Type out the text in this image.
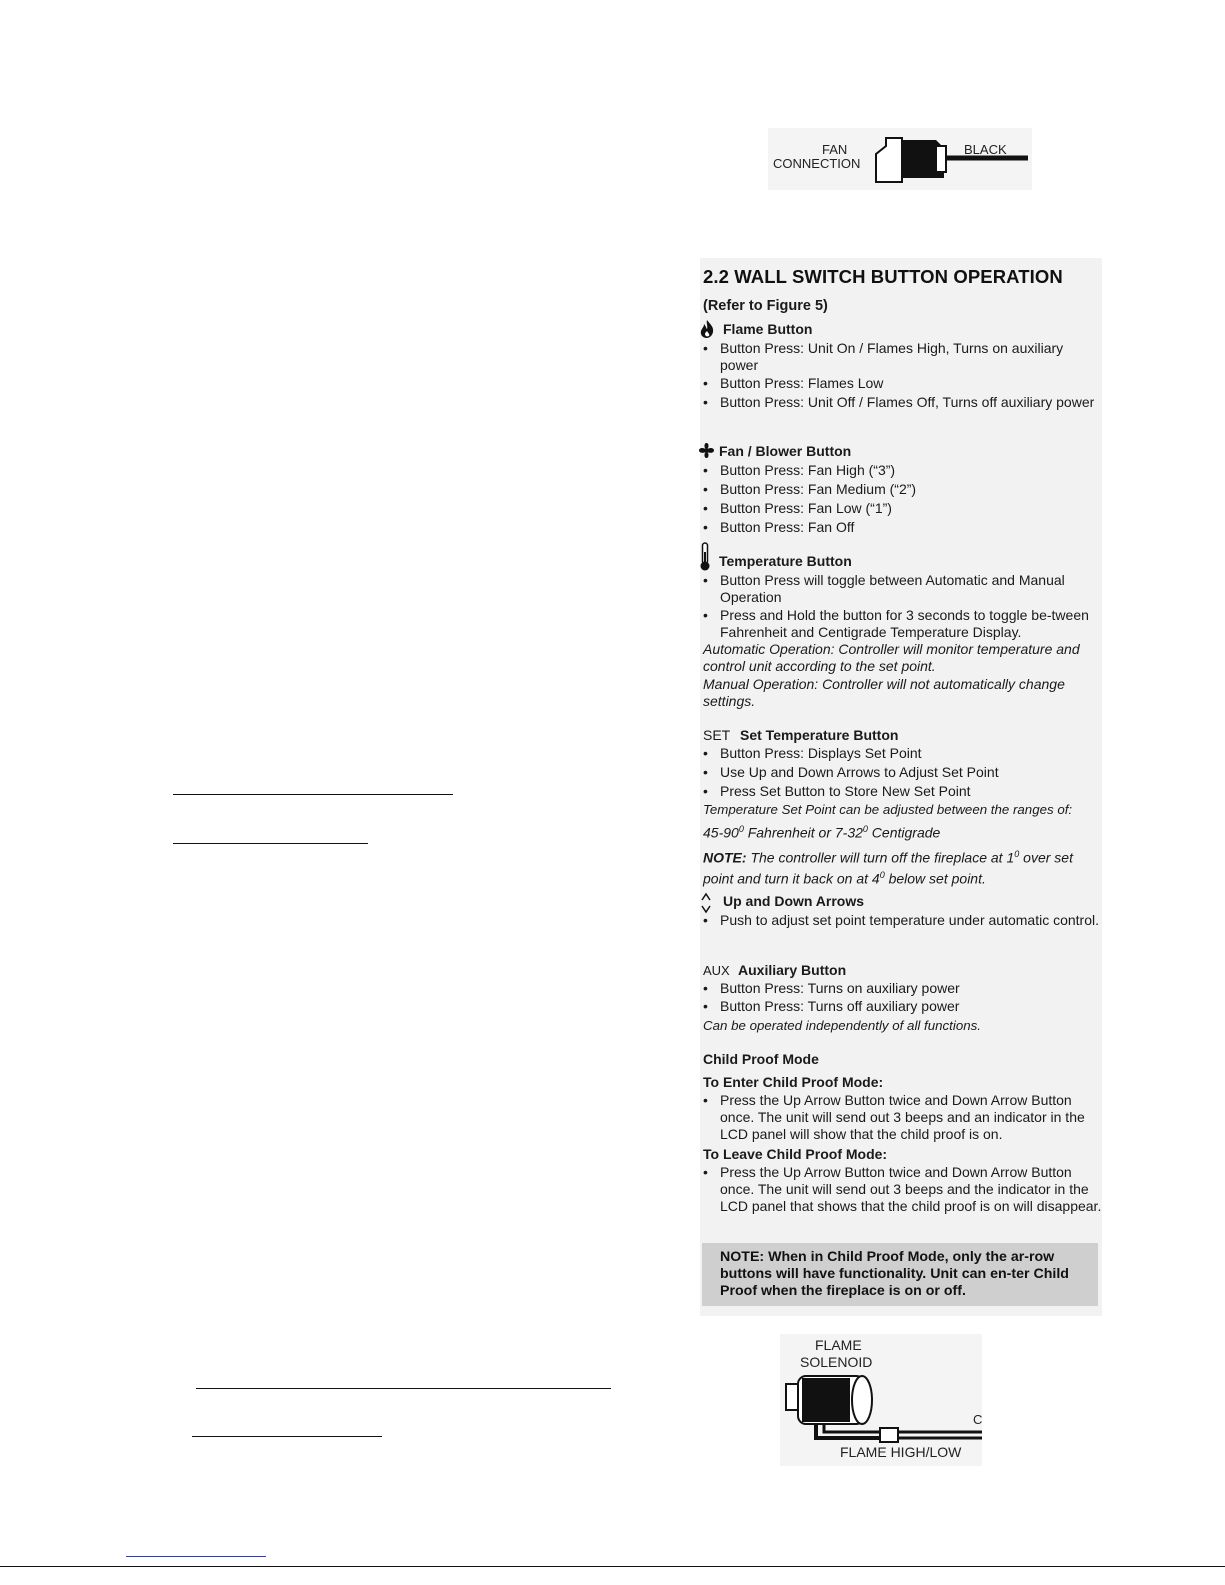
FAN
CONNECTION
BLACK
2.2 WALL SWITCH BUTTON OPERATION
(Refer to Figure 5)
Flame Button
• Button Press: Unit On / Flames High, Turns on auxiliary power
• Button Press: Flames Low
• Button Press: Unit Off / Flames Off, Turns off auxiliary power
Fan / Blower Button
• Button Press: Fan High (“3”)
• Button Press: Fan Medium (“2”)
• Button Press: Fan Low (“1”)
• Button Press: Fan Off
Temperature Button
• Button Press will toggle between Automatic and Manual Operation
• Press and Hold the button for 3 seconds to toggle be-tween Fahrenheit and Centigrade Temperature Display.
Automatic Operation: Controller will monitor temperature and control unit according to the set point.
Manual Operation: Controller will not automatically change settings.
SET Set Temperature Button
• Button Press: Displays Set Point
• Use Up and Down Arrows to Adjust Set Point
• Press Set Button to Store New Set Point
Temperature Set Point can be adjusted between the ranges of:
$45-90^0$ Fahrenheit or $7-32^0$ Centigrade
NOTE: The controller will turn off the fireplace at $1^0$ over set point and turn it back on at $4^0$ below set point.
Up and Down Arrows
• Push to adjust set point temperature under automatic control.
AUX Auxiliary Button
• Button Press: Turns on auxiliary power
• Button Press: Turns off auxiliary power
Can be operated independently of all functions.
Child Proof Mode
To Enter Child Proof Mode:
• Press the Up Arrow Button twice and Down Arrow Button once. The unit will send out 3 beeps and an indicator in the LCD panel will show that the child proof is on.
To Leave Child Proof Mode:
• Press the Up Arrow Button twice and Down Arrow Button once. The unit will send out 3 beeps and the indicator in the LCD panel that shows that the child proof is on will disappear.
NOTE: When in Child Proof Mode, only the ar-row buttons will have functionality. Unit can en-ter Child Proof when the fireplace is on or off.
FLAME
SOLENOID
C
FLAME HIGH/LOW
